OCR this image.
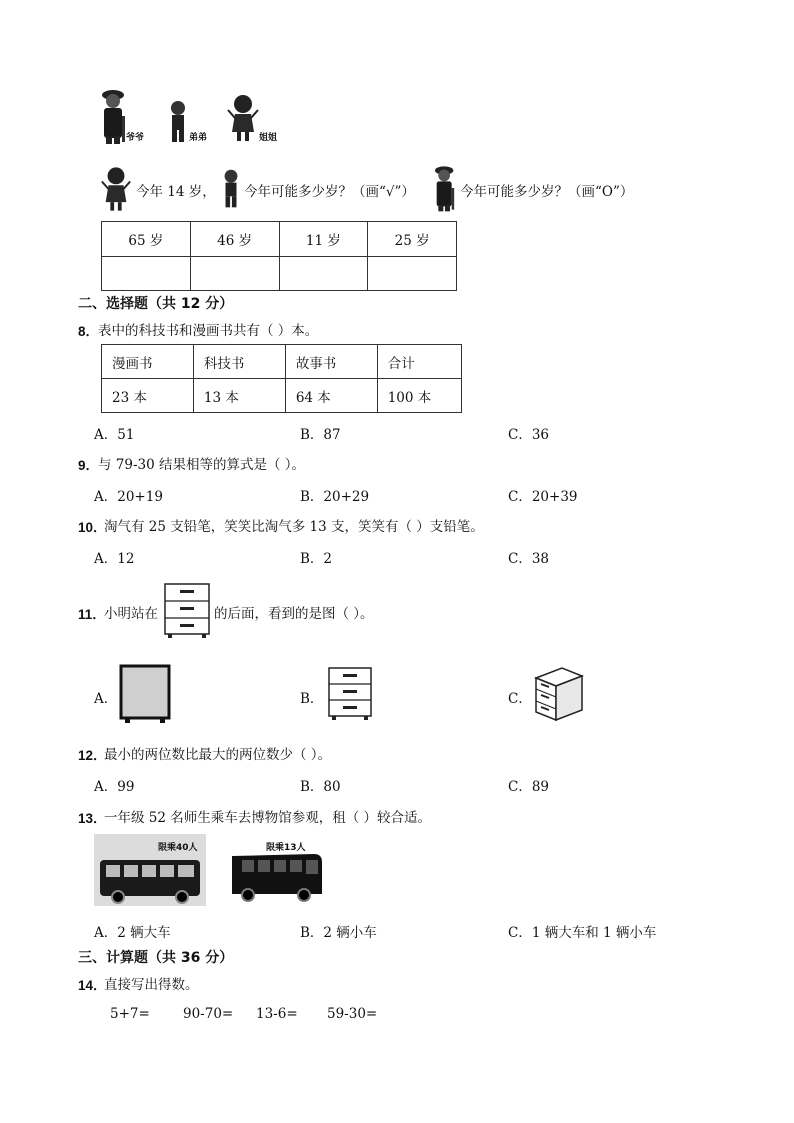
爷爷	弟弟	姐姐
今年 14 岁， 今年可能多少岁？（画“√”）	今年可能多少岁？（画“O”）
65 岁	46 岁	11 岁	25 岁

二、选择题（共 12 分）
8．
表中的科技书和漫画书共有（ ）本。
漫画书	科技书	故事书	合计
23 本	13 本	64 本	100 本
A．51	B．87	C．36
9．
与 79-30 结果相等的算式是（ ）。
A．20+19	B．20+29	C．20+39
10．
淘气有 25 支铅笔，笑笑比淘气多 13 支，笑笑有（ ）支铅笔。
A．12	B．2	C．38
11．
小明站在	的后面，看到的是图（ ）。
A．	B．	C．
12．
最小的两位数比最大的两位数少（ ）。
A．99	B．80	C．89
13．
一年级 52 名师生乘车去博物馆参观，租（ ）较合适。
限乘40人	限乘13人
A．2 辆大车	B．2 辆小车	C．1 辆大车和 1 辆小车
三、计算题（共 36 分）
14．
直接写出得数。
5+7= 90-70= 13-6= 59-30=
